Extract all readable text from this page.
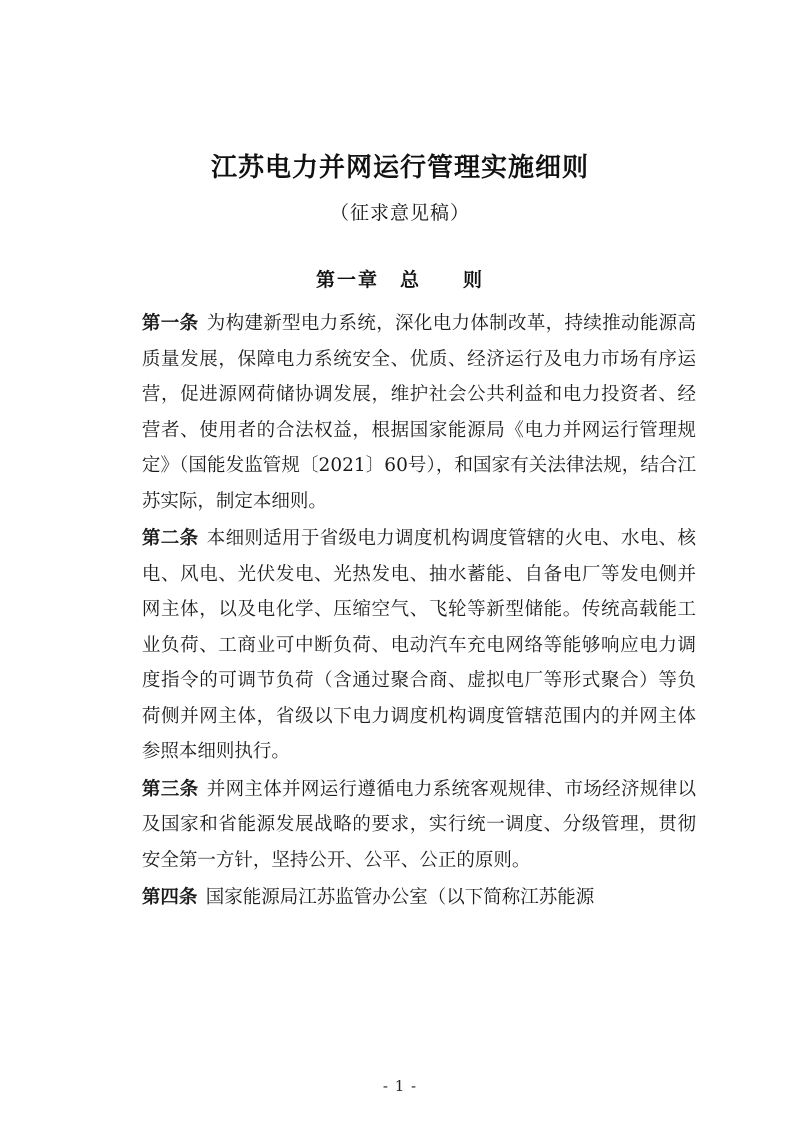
江苏电力并网运行管理实施细则
（征求意见稿）
第一章　总　　则

第一条 为构建新型电力系统，深化电力体制改革，持续推动能源高质量发展，保障电力系统安全、优质、经济运行及电力市场有序运营，促进源网荷储协调发展，维护社会公共利益和电力投资者、经营者、使用者的合法权益，根据国家能源局《电力并网运行管理规定》（国能发监管规〔2021〕60号），和国家有关法律法规，结合江苏实际，制定本细则。

第二条 本细则适用于省级电力调度机构调度管辖的火电、水电、核电、风电、光伏发电、光热发电、抽水蓄能、自备电厂等发电侧并网主体，以及电化学、压缩空气、飞轮等新型储能。传统高载能工业负荷、工商业可中断负荷、电动汽车充电网络等能够响应电力调度指令的可调节负荷（含通过聚合商、虚拟电厂等形式聚合）等负荷侧并网主体，省级以下电力调度机构调度管辖范围内的并网主体参照本细则执行。

第三条 并网主体并网运行遵循电力系统客观规律、市场经济规律以及国家和省能源发展战略的要求，实行统一调度、分级管理，贯彻安全第一方针，坚持公开、公平、公正的原则。

第四条 国家能源局江苏监管办公室（以下简称江苏能源

- 1 -
